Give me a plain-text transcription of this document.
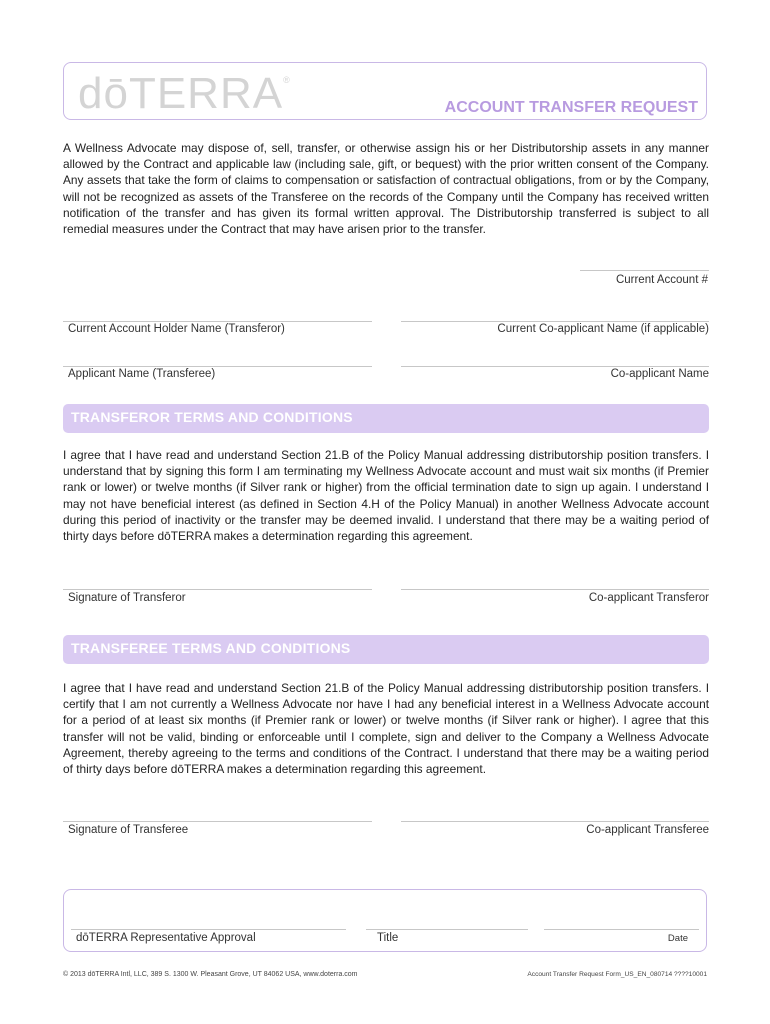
dōTERRA®
ACCOUNT TRANSFER REQUEST
A Wellness Advocate may dispose of, sell, transfer, or otherwise assign his or her Distributorship assets in any manner allowed by the Contract and applicable law (including sale, gift, or bequest) with the prior written consent of the Company. Any assets that take the form of claims to compensation or satisfaction of contractual obligations, from or by the Company, will not be recognized as assets of the Transferee on the records of the Company until the Company has received written notification of the transfer and has given its formal written approval. The Distributorship transferred is subject to all remedial measures under the Contract that may have arisen prior to the transfer.
Current Account #
Current Account Holder Name (Transferor)	Current Co-applicant Name (if applicable)
Applicant Name (Transferee)	Co-applicant Name
TRANSFEROR TERMS AND CONDITIONS
I agree that I have read and understand Section 21.B of the Policy Manual addressing distributorship position transfers. I understand that by signing this form I am terminating my Wellness Advocate account and must wait six months (if Premier rank or lower) or twelve months (if Silver rank or higher) from the official termination date to sign up again. I understand I may not have beneficial interest (as defined in Section 4.H of the Policy Manual) in another Wellness Advocate account during this period of inactivity or the transfer may be deemed invalid. I understand that there may be a waiting period of thirty days before dōTERRA makes a determination regarding this agreement.
Signature of Transferor	Co-applicant Transferor
TRANSFEREE TERMS AND CONDITIONS
I agree that I have read and understand Section 21.B of the Policy Manual addressing distributorship position transfers. I certify that I am not currently a Wellness Advocate nor have I had any beneficial interest in a Wellness Advocate account for a period of at least six months (if Premier rank or lower) or twelve months (if Silver rank or higher). I agree that this transfer will not be valid, binding or enforceable until I complete, sign and deliver to the Company a Wellness Advocate Agreement, thereby agreeing to the terms and conditions of the Contract. I understand that there may be a waiting period of thirty days before dōTERRA makes a determination regarding this agreement.
Signature of Transferee	Co-applicant Transferee
dōTERRA Representative Approval	Title	Date
© 2013 dōTERRA Intl, LLC, 389 S. 1300 W. Pleasant Grove, UT 84062 USA, www.doterra.com	Account Transfer Request Form_US_EN_080714 ????10001
